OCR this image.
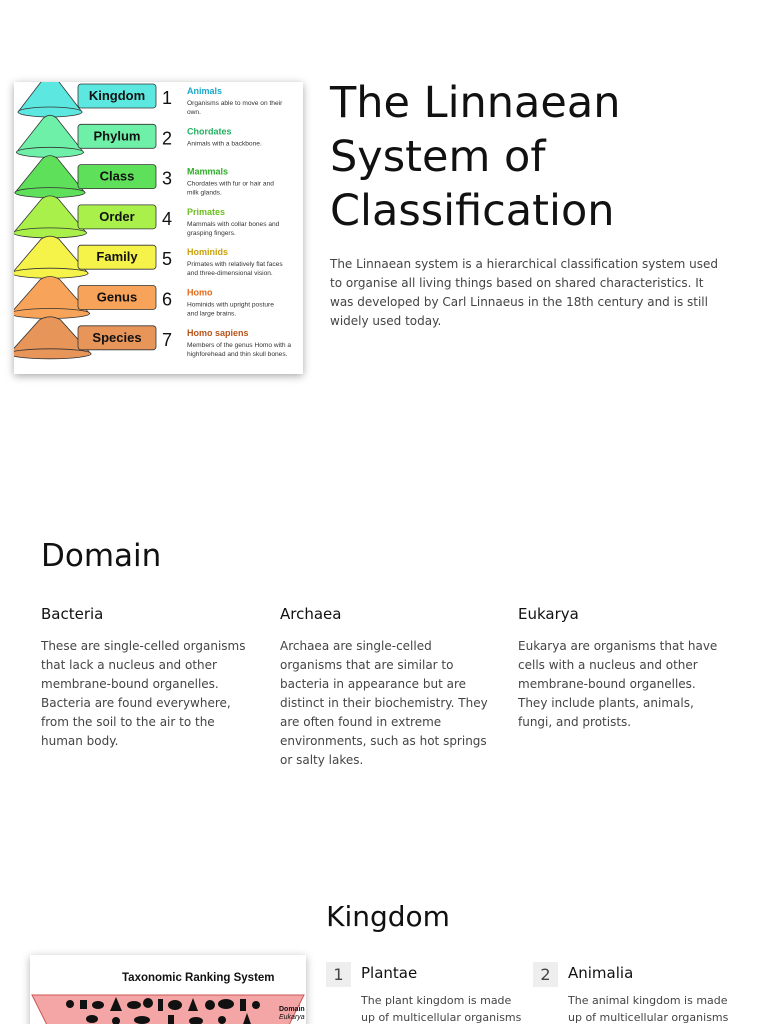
Kingdom 1 Animals
Organisms able to move on their
own.
Phylum 2 Chordates
Animals with a backbone.
Class 3 Mammals
Chordates with fur or hair and
milk glands.
Order 4 Primates
Mammals with collar bones and
grasping fingers.
Family 5 Hominids
Primates with relatively flat faces
and three-dimensional vision.
Genus 6 Homo
Hominids with upright posture
and large brains.
Species 7 Homo sapiens
Members of the genus Homo with a
highforehead and thin skull bones.
The Linnaean System of Classification

The Linnaean system is a hierarchical classification system used to organise all living things based on shared characteristics. It was developed by Carl Linnaeus in the 18th century and is still widely used today.

Domain
Bacteria

These are single-celled organisms that lack a nucleus and other membrane-bound organelles. Bacteria are found everywhere, from the soil to the air to the human body.

Archaea

Archaea are single-celled organisms that are similar to bacteria in appearance but are distinct in their biochemistry. They are often found in extreme environments, such as hot springs or salty lakes.

Eukarya

Eukarya are organisms that have cells with a nucleus and other membrane-bound organelles. They include plants, animals, fungi, and protists.

Kingdom
Taxonomic Ranking System
Domain
Eukarya
1	Plantae
The plant kingdom is made up of multicellular organisms
2	Animalia
The animal kingdom is made up of multicellular organisms
